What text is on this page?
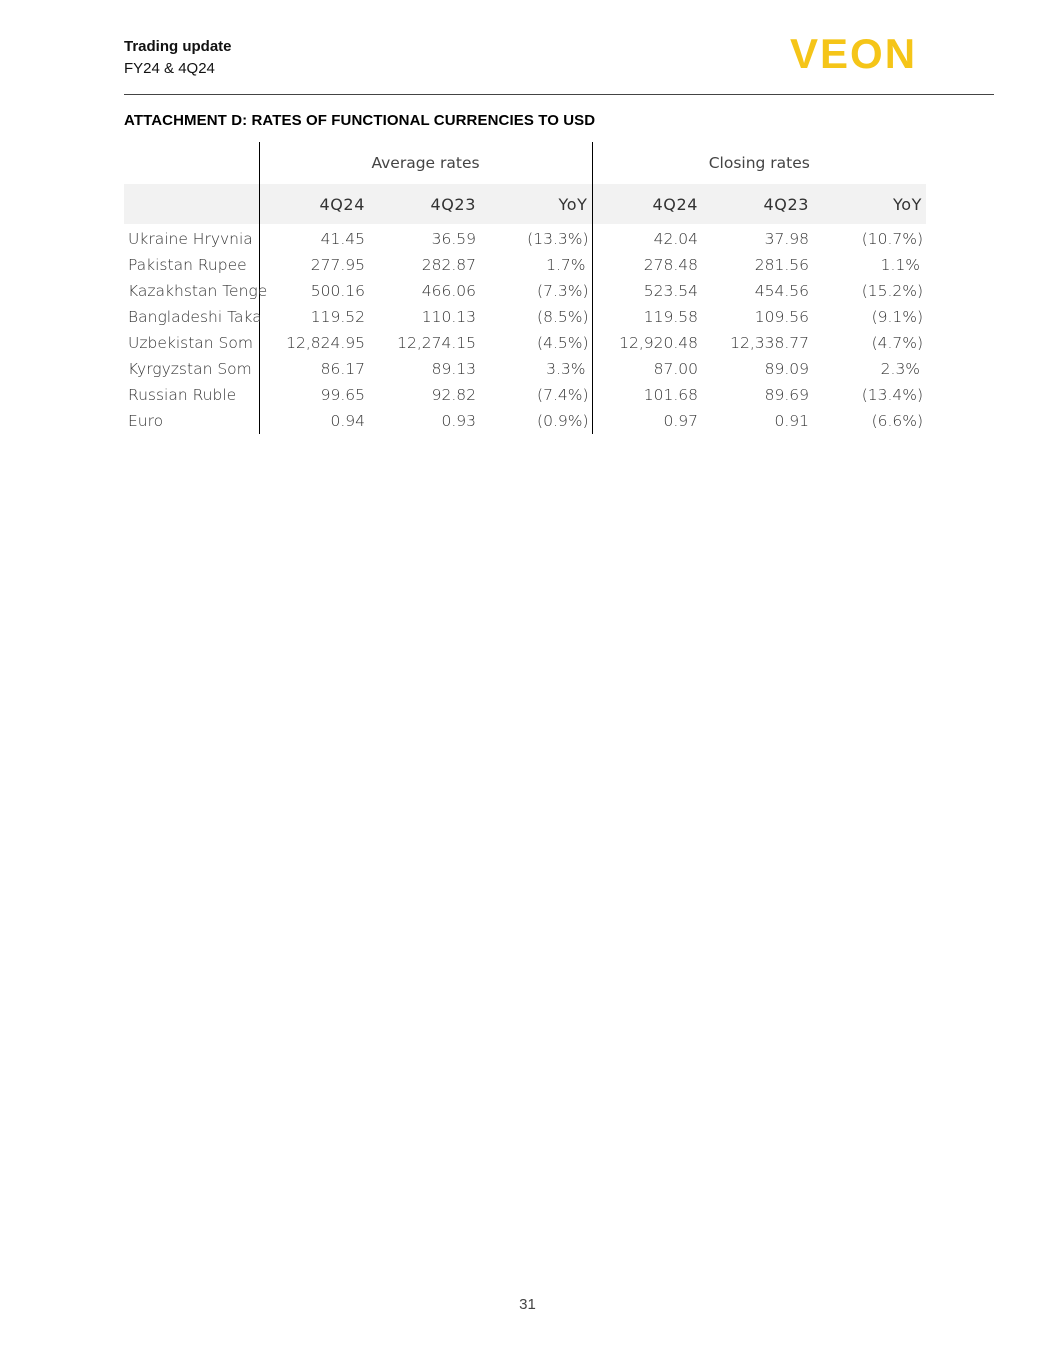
Trading update
FY24 & 4Q24	VEON
ATTACHMENT D: RATES OF FUNCTIONAL CURRENCIES TO USD
	Average rates			Closing rates		
	4Q24	4Q23	YoY	4Q24	4Q23	YoY
Ukraine Hryvnia	41.45	36.59	(13.3%)	42.04	37.98	(10.7%)
Pakistan Rupee	277.95	282.87	1.7%	278.48	281.56	1.1%
Kazakhstan Tenge	500.16	466.06	(7.3%)	523.54	454.56	(15.2%)
Bangladeshi Taka	119.52	110.13	(8.5%)	119.58	109.56	(9.1%)
Uzbekistan Som	12,824.95	12,274.15	(4.5%)	12,920.48	12,338.77	(4.7%)
Kyrgyzstan Som	86.17	89.13	3.3%	87.00	89.09	2.3%
Russian Ruble	99.65	92.82	(7.4%)	101.68	89.69	(13.4%)
Euro	0.94	0.93	(0.9%)	0.97	0.91	(6.6%)
31
